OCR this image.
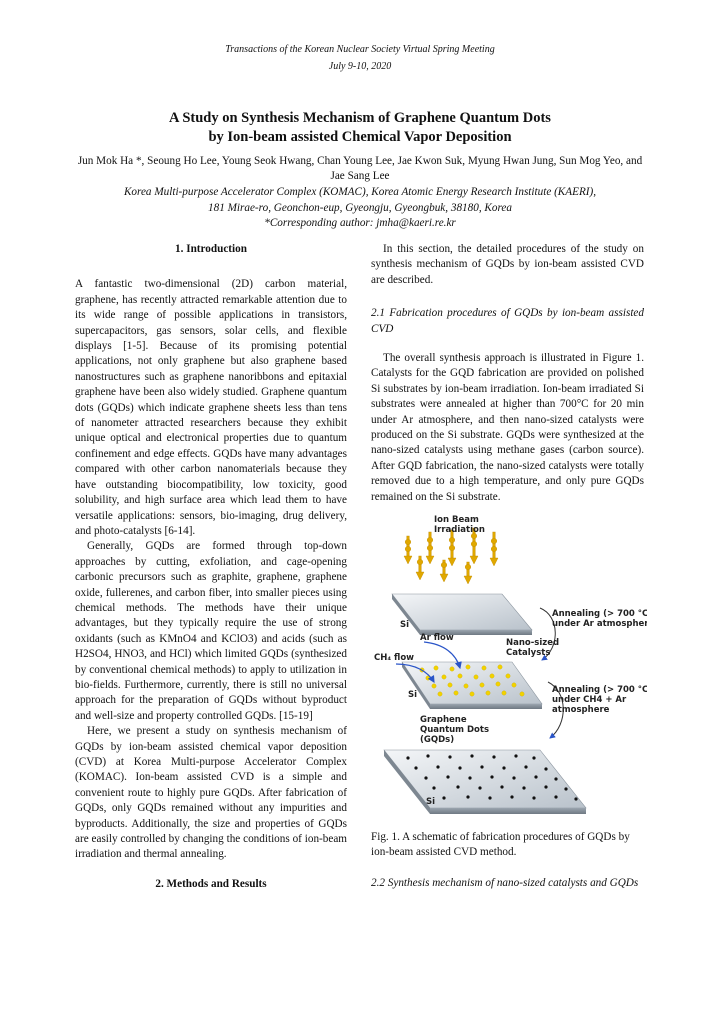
Transactions of the Korean Nuclear Society Virtual Spring Meeting
July 9-10, 2020
A Study on Synthesis Mechanism of Graphene Quantum Dots
by Ion-beam assisted Chemical Vapor Deposition
Jun Mok Ha *, Seoung Ho Lee, Young Seok Hwang, Chan Young Lee, Jae Kwon Suk, Myung Hwan Jung, Sun Mog Yeo, and Jae Sang Lee
Korea Multi-purpose Accelerator Complex (KOMAC), Korea Atomic Energy Research Institute (KAERI),
181 Mirae-ro, Geonchon-eup, Gyeongju, Gyeongbuk, 38180, Korea
*Corresponding author: jmha@kaeri.re.kr

1. Introduction

A fantastic two-dimensional (2D) carbon material, graphene, has recently attracted remarkable attention due to its wide range of possible applications in transistors, supercapacitors, gas sensors, solar cells, and flexible displays [1-5]. Because of its promising potential applications, not only graphene but also graphene based nanostructures such as graphene nanoribbons and epitaxial graphene have been also widely studied. Graphene quantum dots (GQDs) which indicate graphene sheets less than tens of nanometer attracted researchers because they exhibit unique optical and electronical properties due to quantum confinement and edge effects. GQDs have many advantages compared with other carbon nanomaterials because they have outstanding biocompatibility, low toxicity, good solubility, and high surface area which lead them to have versatile applications: sensors, bio-imaging, drug delivery, and photo-catalysts [6-14].

Generally, GQDs are formed through top-down approaches by cutting, exfoliation, and cage-opening carbonic precursors such as graphite, graphene, graphene oxide, fullerenes, and carbon fiber, into smaller pieces using chemical methods. The methods have their unique advantages, but they typically require the use of strong oxidants (such as KMnO4 and KClO3) and acids (such as H2SO4, HNO3, and HCl) which limited GQDs (synthesized by conventional chemical methods) to apply to utilization in bio-fields. Furthermore, currently, there is still no universal approach for the preparation of GQDs without byproduct and well-size and property controlled GQDs. [15-19]

Here, we present a study on synthesis mechanism of GQDs by ion-beam assisted chemical vapor deposition (CVD) at Korea Multi-purpose Accelerator Complex (KOMAC). Ion-beam assisted CVD is a simple and convenient route to highly pure GQDs. After fabrication of GQDs, only GQDs remained without any impurities and byproducts. Additionally, the size and properties of GQDs are easily controlled by changing the conditions of ion-beam irradiation and thermal annealing.

2. Methods and Results

In this section, the detailed procedures of the study on synthesis mechanism of GQDs by ion-beam assisted CVD are described.

2.1 Fabrication procedures of GQDs by ion-beam assisted CVD

The overall synthesis approach is illustrated in Figure 1. Catalysts for the GQD fabrication are provided on polished Si substrates by ion-beam irradiation. Ion-beam irradiated Si substrates were annealed at higher than 700°C for 20 min under Ar atmosphere, and then nano-sized catalysts were produced on the Si substrate. GQDs were synthesized at the nano-sized catalysts using methane gases (carbon source). After GQD fabrication, the nano-sized catalysts were totally removed due to a high temperature, and only pure GQDs remained on the Si substrate.

Si
Ion Beam
Irradiation
Annealing (> 700 °C)
under Ar atmosphere
Si
Ar flow
CH₄ flow
Nano-sized
Catalysts
Annealing (> 700 °C)
under CH4 + Ar
atmosphere
Graphene
Quantum Dots
(GQDs)
Si
Fig. 1. A schematic of fabrication procedures of GQDs by ion-beam assisted CVD method.

2.2 Synthesis mechanism of nano-sized catalysts and GQDs
